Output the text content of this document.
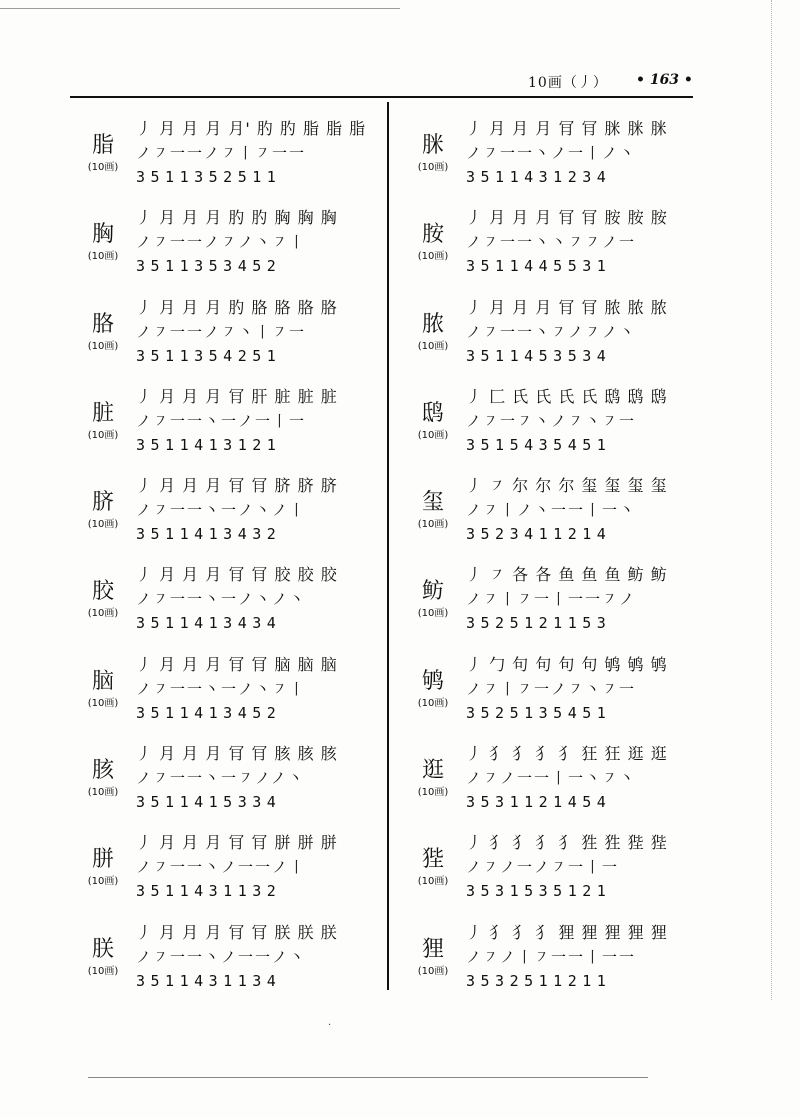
10画（丿） • 163 •
脂
(10画)
丿 月 月 月 月' 肑 肑 脂 脂 脂
ノ㇇一一ノ㇇丨㇇一一
3511352511
胸
(10画)
丿 月 月 月 肑 肑 胸 胸 胸
ノ㇇一一ノ㇇ノ丶㇇丨
3511353452
胳
(10画)
丿 月 月 月 肑 胳 胳 胳 胳
ノ㇇一一ノ㇇丶丨㇇一
3511354251
脏
(10画)
丿 月 月 月 肎 肝 脏 脏 脏
ノ㇇一一丶一ノ一丨一
3511413121
脐
(10画)
丿 月 月 月 肎 肎 脐 脐 脐
ノ㇇一一丶一ノ丶ノ丨
3511413432
胶
(10画)
丿 月 月 月 肎 肎 胶 胶 胶
ノ㇇一一丶一ノ丶ノ丶
3511413434
脑
(10画)
丿 月 月 月 肎 肎 脑 脑 脑
ノ㇇一一丶一ノ丶㇇丨
3511413452
胲
(10画)
丿 月 月 月 肎 肎 胲 胲 胲
ノ㇇一一丶一㇇ノノ丶
3511415334
胼
(10画)
丿 月 月 月 肎 肎 胼 胼 胼
ノ㇇一一丶ノ一一ノ丨
3511431132
朕
(10画)
丿 月 月 月 肎 肎 朕 朕 朕
ノ㇇一一丶ノ一一ノ丶
3511431134
脒
(10画)
丿 月 月 月 肎 肎 脒 脒 脒
ノ㇇一一丶ノ一丨ノ丶
3511431234
胺
(10画)
丿 月 月 月 肎 肎 胺 胺 胺
ノ㇇一一丶丶㇇㇇ノ一
3511445531
脓
(10画)
丿 月 月 月 肎 肎 脓 脓 脓
ノ㇇一一丶㇇ノ㇇ノ丶
3511453534
鸱
(10画)
丿 匚 氏 氏 氏 氏 鸱 鸱 鸱
ノ㇇一㇇丶ノ㇇丶㇇一
3515435451
玺
(10画)
丿 ㇇ 尔 尔 尔 玺 玺 玺 玺
ノ㇇丨ノ丶一一丨一丶
3523411214
鲂
(10画)
丿 ㇇ 各 各 鱼 鱼 鱼 鲂 鲂
ノ㇇丨㇇一丨一一㇇ノ
3525121153
鸲
(10画)
丿 勹 句 句 句 句 鸲 鸲 鸲
ノ㇇丨㇇一ノ㇇丶㇇一
3525135451
逛
(10画)
丿 犭 犭 犭 犭 狂 狂 逛 逛
ノ㇇ノ一一丨一丶㇇丶
3531121454
狴
(10画)
丿 犭 犭 犭 犭 狌 狌 狴 狴
ノ㇇ノ一ノ㇇一丨一
3531535121
狸
(10画)
丿 犭 犭 犭 狸 狸 狸 狸 狸
ノ㇇ノ丨㇇一一丨一一
3532511211
·
